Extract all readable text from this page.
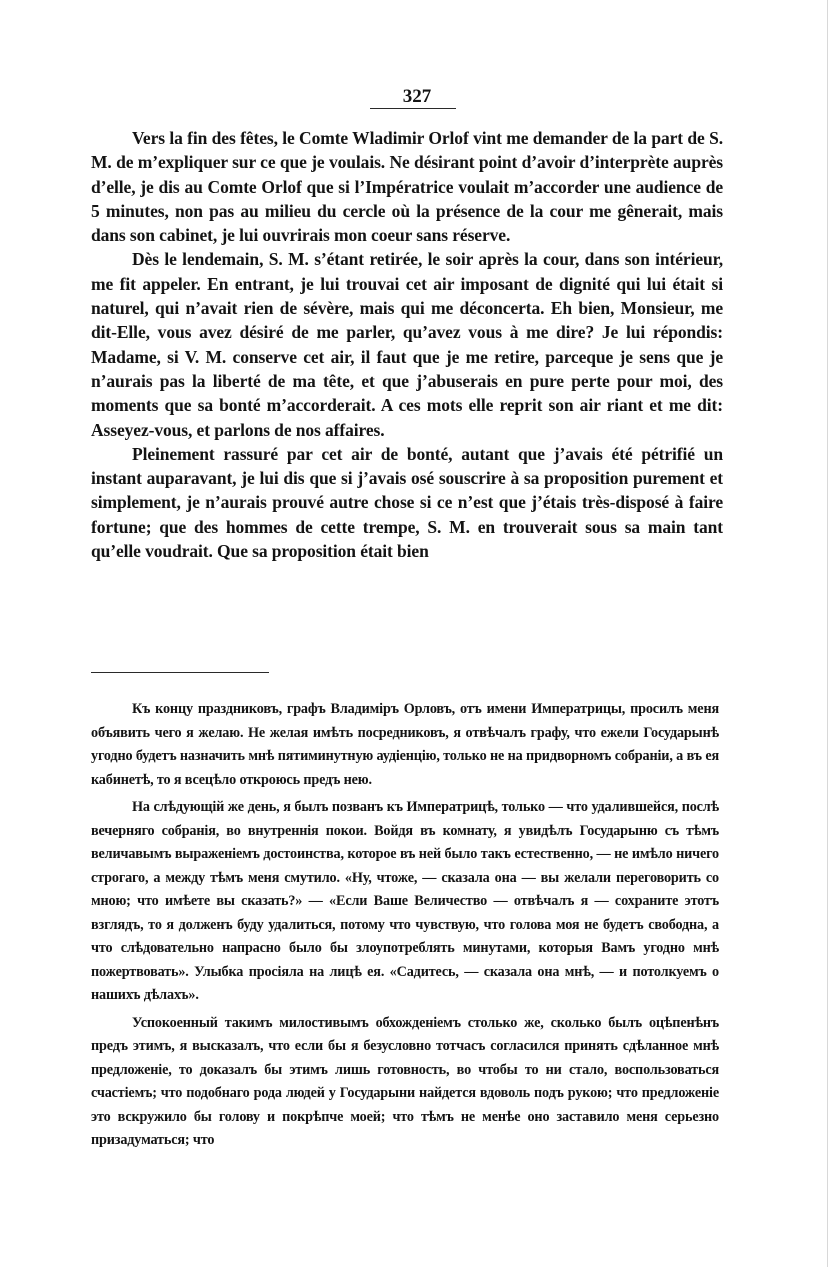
327

Vers la fin des fêtes, le Comte Wladimir Orlof vint me demander de la part de S. M. de m’expliquer sur ce que je voulais. Ne désirant point d’avoir d’interprète auprès d’elle, je dis au Comte Orlof que si l’Impératrice voulait m’accorder une audience de 5 minutes, non pas au milieu du cercle où la présence de la cour me gênerait, mais dans son cabinet, je lui ouvrirais mon coeur sans réserve.

Dès le lendemain, S. M. s’étant retirée, le soir après la cour, dans son intérieur, me fit appeler. En entrant, je lui trouvai cet air imposant de dignité qui lui était si naturel, qui n’avait rien de sévère, mais qui me déconcerta. Eh bien, Monsieur, me dit-Elle, vous avez désiré de me parler, qu’avez vous à me dire? Je lui répondis: Madame, si V. M. conserve cet air, il faut que je me retire, parceque je sens que je n’aurais pas la liberté de ma tête, et que j’abuserais en pure perte pour moi, des moments que sa bonté m’accorderait. A ces mots elle reprit son air riant et me dit: Asseyez-vous, et parlons de nos affaires.

Pleinement rassuré par cet air de bonté, autant que j’avais été pétrifié un instant auparavant, je lui dis que si j’avais osé souscrire à sa proposition purement et simplement, je n’aurais prouvé autre chose si ce n’est que j’étais très-disposé à faire fortune; que des hommes de cette trempe, S. M. en trouverait sous sa main tant qu’elle voudrait. Que sa proposition était bien

Къ концу праздниковъ, графъ Владиміръ Орловъ, отъ имени Императрицы, просилъ меня объявить чего я желаю. Не желая имѣть посредниковъ, я отвѣчалъ графу, что ежели Государынѣ угодно будетъ назначить мнѣ пятиминутную аудіенцію, только не на придворномъ собраніи, а въ ея кабинетѣ, то я всецѣло откроюсь предъ нею.

На слѣдующій же день, я былъ позванъ къ Императрицѣ, только — что удалившейся, послѣ вечерняго собранія, во внутреннія покои. Войдя въ комнату, я увидѣлъ Государыню съ тѣмъ величавымъ выраженіемъ достоинства, которое въ ней было такъ естественно, — не имѣло ничего строгаго, а между тѣмъ меня смутило. «Ну, чтоже, — сказала она — вы желали переговорить со мною; что имѣете вы сказать?» — «Если Ваше Величество — отвѣчалъ я — сохраните этотъ взглядъ, то я долженъ буду удалиться, потому что чувствую, что голова моя не будетъ свободна, а что слѣдовательно напрасно было бы злоупотреблять минутами, которыя Вамъ угодно мнѣ пожертвовать». Улыбка просіяла на лицѣ ея. «Садитесь, — сказала она мнѣ, — и потолкуемъ о нашихъ дѣлахъ».

Успокоенный такимъ милостивымъ обхожденіемъ столько же, сколько былъ оцѣпенѣнъ предъ этимъ, я высказалъ, что если бы я безусловно тотчасъ согласился принять сдѣланное мнѣ предложеніе, то доказалъ бы этимъ лишь готовность, во чтобы то ни стало, воспользоваться счастіемъ; что подобнаго рода людей у Государыни найдется вдоволь подъ рукою; что предложеніе это вскружило бы голову и покрѣпче моей; что тѣмъ не менѣе оно заставило меня серьезно призадуматься; что
